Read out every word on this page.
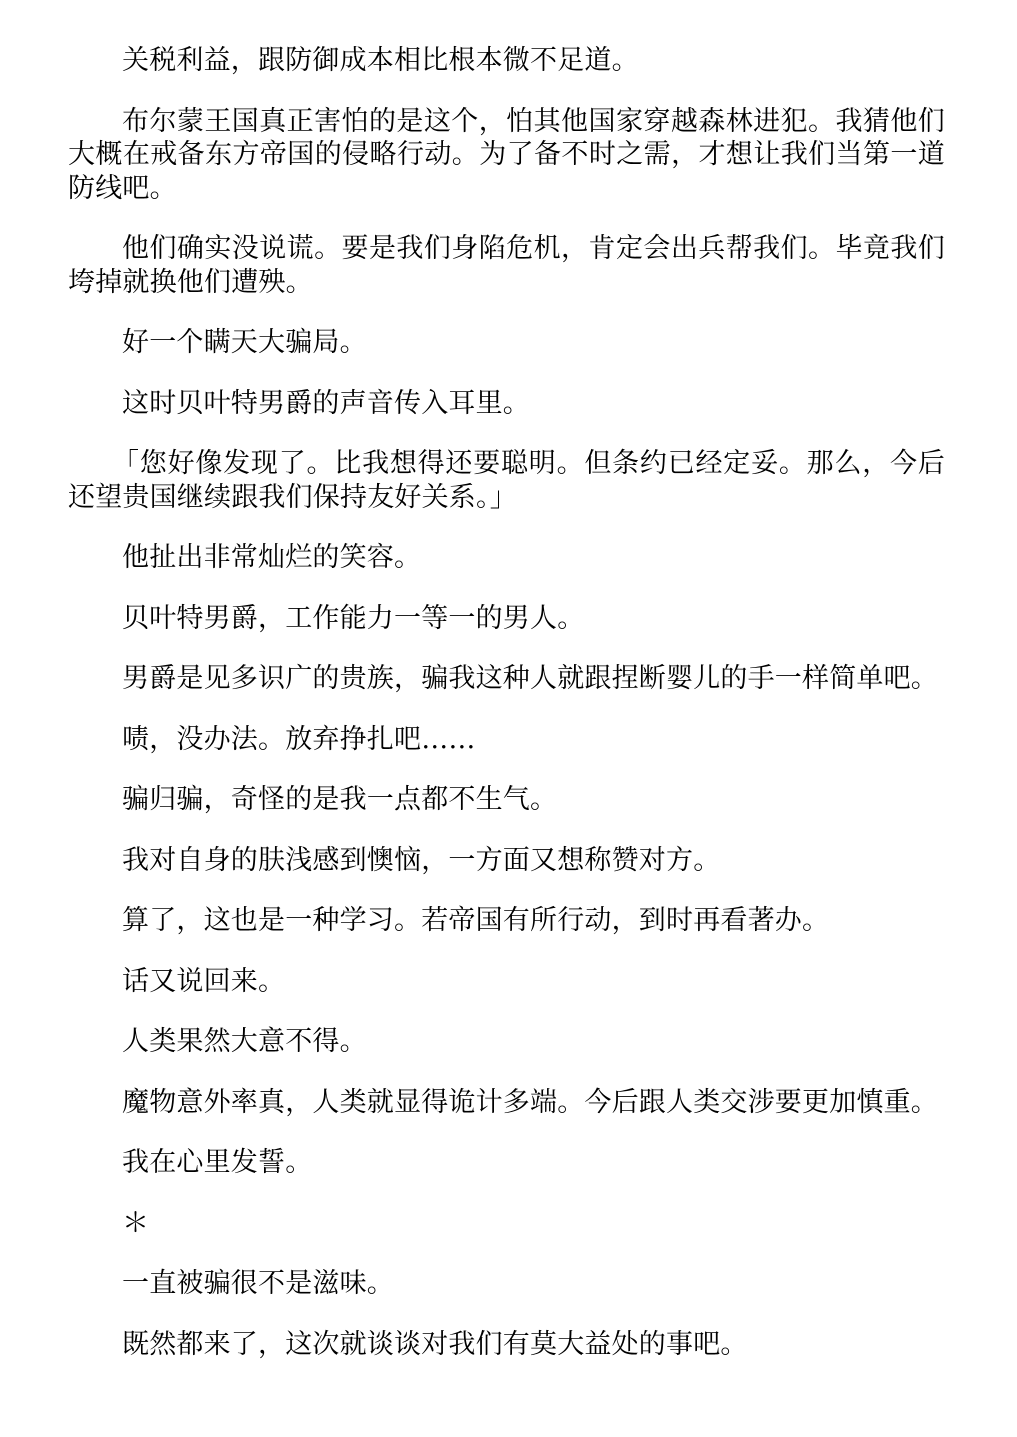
关税利益，跟防御成本相比根本微不足道。

布尔蒙王国真正害怕的是这个，怕其他国家穿越森林进犯。我猜他们大概在戒备东方帝国的侵略行动。为了备不时之需，才想让我们当第一道防线吧。

他们确实没说谎。要是我们身陷危机，肯定会出兵帮我们。毕竟我们垮掉就换他们遭殃。

好一个瞒天大骗局。

这时贝叶特男爵的声音传入耳里。

「您好像发现了。比我想得还要聪明。但条约已经定妥。那么，今后还望贵国继续跟我们保持友好关系。」

他扯出非常灿烂的笑容。

贝叶特男爵，工作能力一等一的男人。

男爵是见多识广的贵族，骗我这种人就跟捏断婴儿的手一样简单吧。

啧，没办法。放弃挣扎吧……

骗归骗，奇怪的是我一点都不生气。

我对自身的肤浅感到懊恼，一方面又想称赞对方。

算了，这也是一种学习。若帝国有所行动，到时再看著办。

话又说回来。

人类果然大意不得。

魔物意外率真，人类就显得诡计多端。今后跟人类交涉要更加慎重。

我在心里发誓。

＊

一直被骗很不是滋味。

既然都来了，这次就谈谈对我们有莫大益处的事吧。
